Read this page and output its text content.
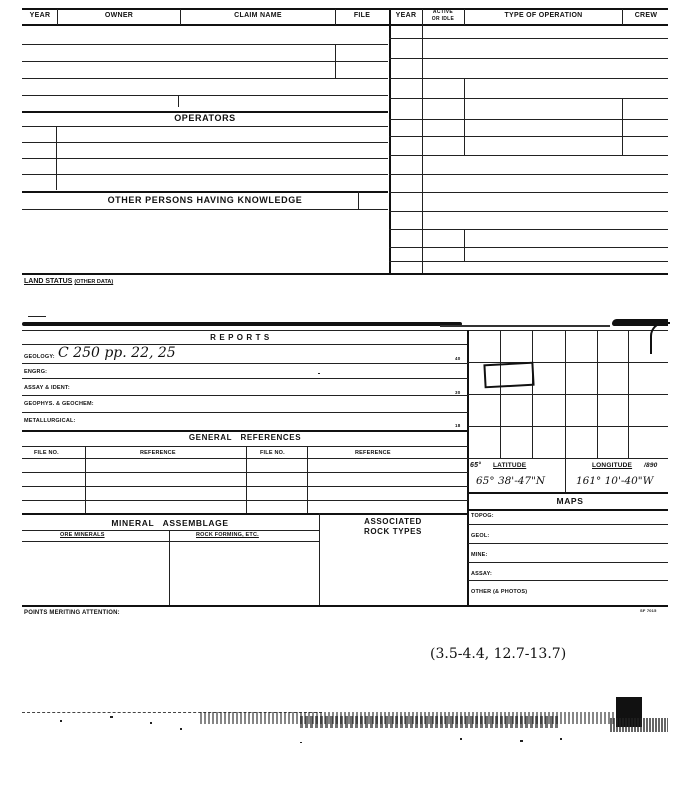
YEAR	OWNER	CLAIM NAME	FILE	YEAR	ACTIVE
OR IDLE	TYPE OF OPERATION	CREW
OPERATORS
OTHER PERSONS HAVING KNOWLEDGE
LAND STATUS (OTHER DATA)
R E P O R T S
GEOLOGY: C 250 pp. 22, 25	40
ENGRG:
ASSAY & IDENT:
30
GEOPHYS. & GEOCHEM:
METALLURGICAL:
18
GENERAL   REFERENCES
FILE NO.	REFERENCE	FILE NO.	REFERENCE
MINERAL   ASSEMBLAGE
ORE MINERALS	ROCK FORMING, ETC.
ASSOCIATED
ROCK TYPES
65° LATITUDE	LONGITUDE /890
65° 38'-47"N	161° 10'-40"W
MAPS
TOPOG:
GEOL:
MINE:
ASSAY:
OTHER (& PHOTOS)
POINTS MERITING ATTENTION:	SF 7015
(3.5-4.4, 12.7-13.7)
